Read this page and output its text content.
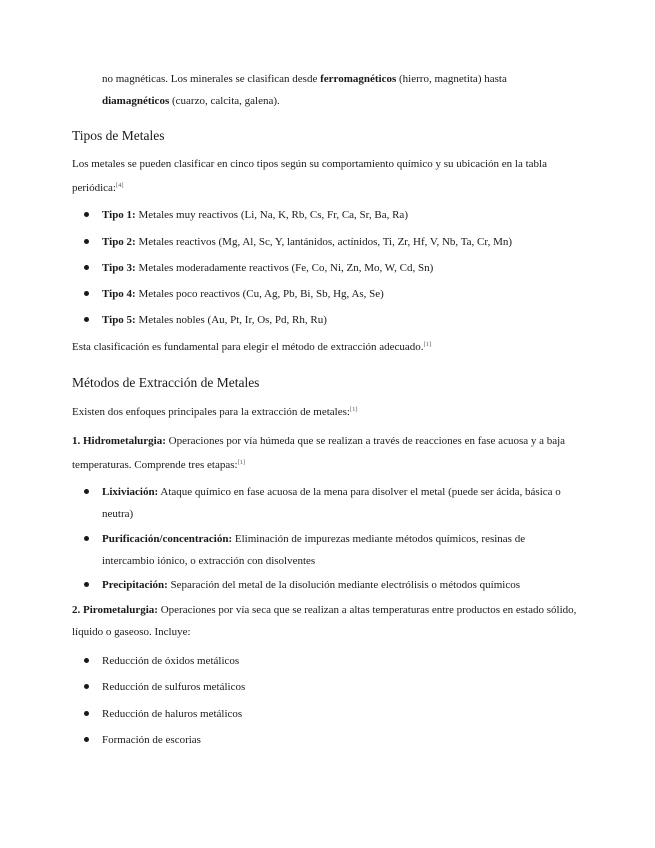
no magnéticas. Los minerales se clasifican desde ferromagnéticos (hierro, magnetita) hasta
diamagnéticos (cuarzo, calcita, galena).

Tipos de Metales

Los metales se pueden clasificar en cinco tipos según su comportamiento químico y su ubicación en la tabla periódica:[4]

Tipo 1: Metales muy reactivos (Li, Na, K, Rb, Cs, Fr, Ca, Sr, Ba, Ra)
Tipo 2: Metales reactivos (Mg, Al, Sc, Y, lantánidos, actínidos, Ti, Zr, Hf, V, Nb, Ta, Cr, Mn)
Tipo 3: Metales moderadamente reactivos (Fe, Co, Ni, Zn, Mo, W, Cd, Sn)
Tipo 4: Metales poco reactivos (Cu, Ag, Pb, Bi, Sb, Hg, As, Se)
Tipo 5: Metales nobles (Au, Pt, Ir, Os, Pd, Rh, Ru)

Esta clasificación es fundamental para elegir el método de extracción adecuado.[1]

Métodos de Extracción de Metales

Existen dos enfoques principales para la extracción de metales:[1]

1. Hidrometalurgia: Operaciones por vía húmeda que se realizan a través de reacciones en fase acuosa y a baja temperaturas. Comprende tres etapas:[1]

Lixiviación: Ataque químico en fase acuosa de la mena para disolver el metal (puede ser ácida, básica o neutra)
Purificación/concentración: Eliminación de impurezas mediante métodos químicos, resinas de intercambio iónico, o extracción con disolventes
Precipitación: Separación del metal de la disolución mediante electrólisis o métodos químicos

2. Pirometalurgia: Operaciones por vía seca que se realizan a altas temperaturas entre productos en estado sólido, líquido o gaseoso. Incluye:

Reducción de óxidos metálicos
Reducción de sulfuros metálicos
Reducción de haluros metálicos
Formación de escorias
